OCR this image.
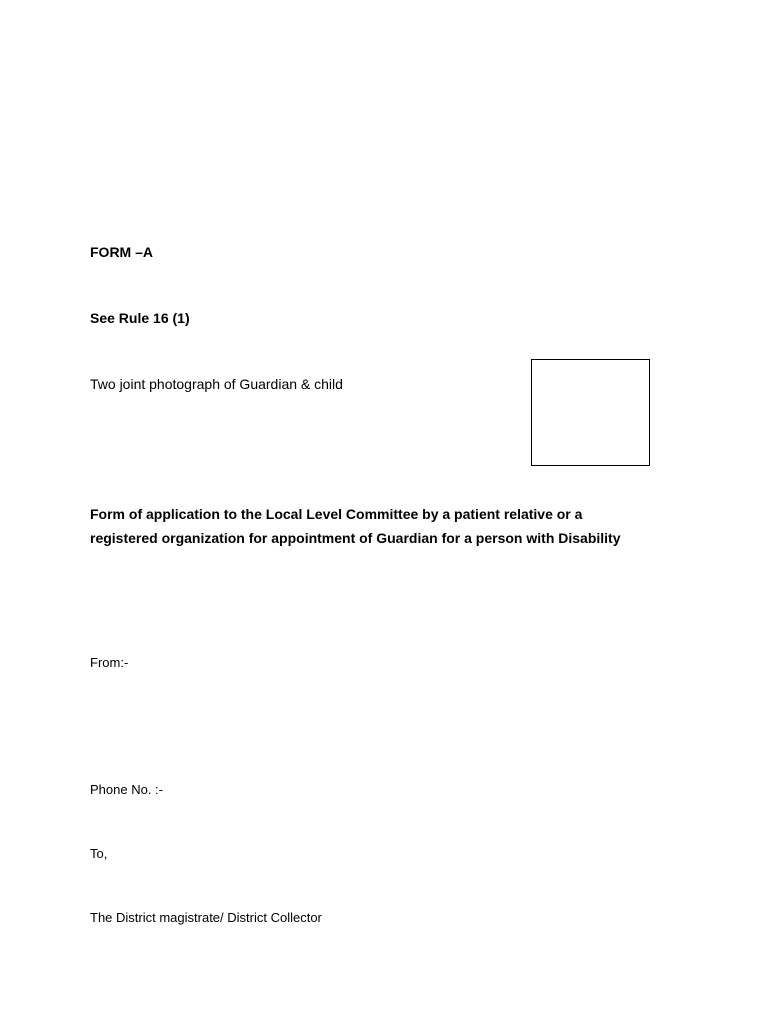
FORM –A

See Rule 16 (1)

Two joint photograph of Guardian & child

Form of application to the Local Level Committee by a patient relative or a
registered organization for appointment of Guardian for a person with Disability

From:-

Phone No. :-

To,

The District magistrate/ District Collector
